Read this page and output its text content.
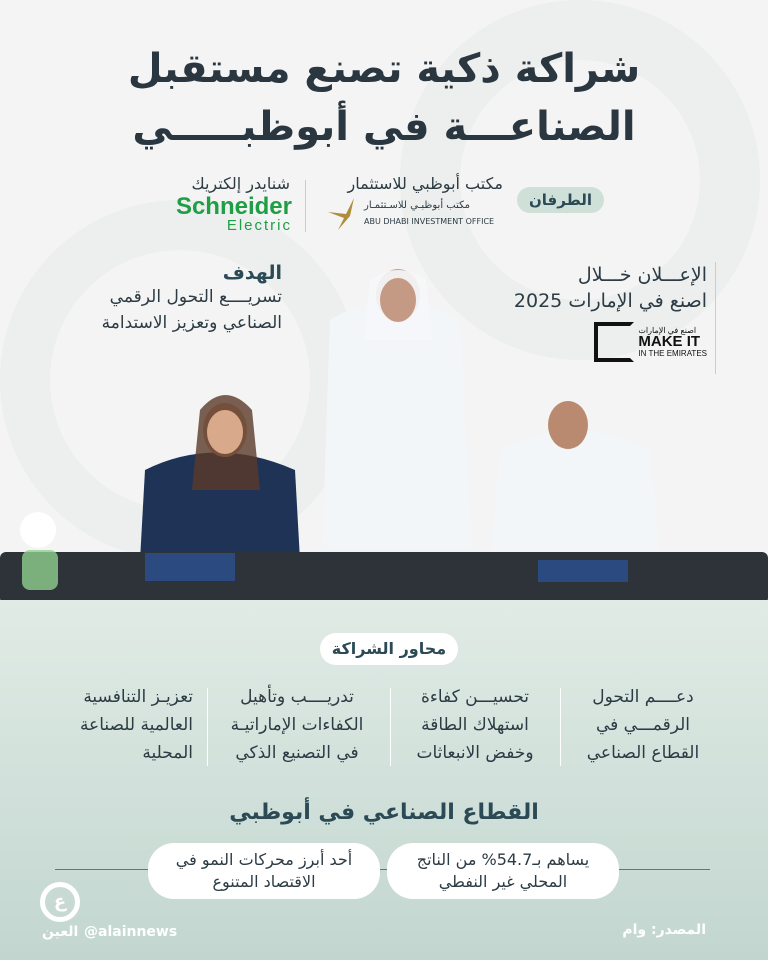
شراكة ذكية تصنع مستقبل
الصناعـــة في أبوظبـــــي
الطرفان
مكتب أبوظبي للاستثمار
مكتب أبوظبـي للاسـتثمـار
ABU DHABI INVESTMENT OFFICE
شنايدر إلكتريك
Schneider
Electric
الهدف
تسريــــع التحول الرقمي
الصناعي وتعزيز الاستدامة
الإعـــلان خـــلال
اصنع في الإمارات 2025
اصنع في الإمارات
MAKE IT
IN THE EMIRATES
محاور الشراكة
دعــــم التحول
الرقمـــي في
القطاع الصناعي
تحسيـــن كفاءة
استهلاك الطاقة
وخفض الانبعاثات
تدريــــب وتأهيل
الكفاءات الإماراتيـة
في التصنيع الذكي
تعزيـز التنافسية
العالمية للصناعة
المحلية
القطاع الصناعي في أبوظبي
يساهم بـ54.7% من الناتج
المحلي غير النفطي
أحد أبرز محركات النمو في
الاقتصاد المتنوع
المصدر: وام
ع
العين @alainnews
